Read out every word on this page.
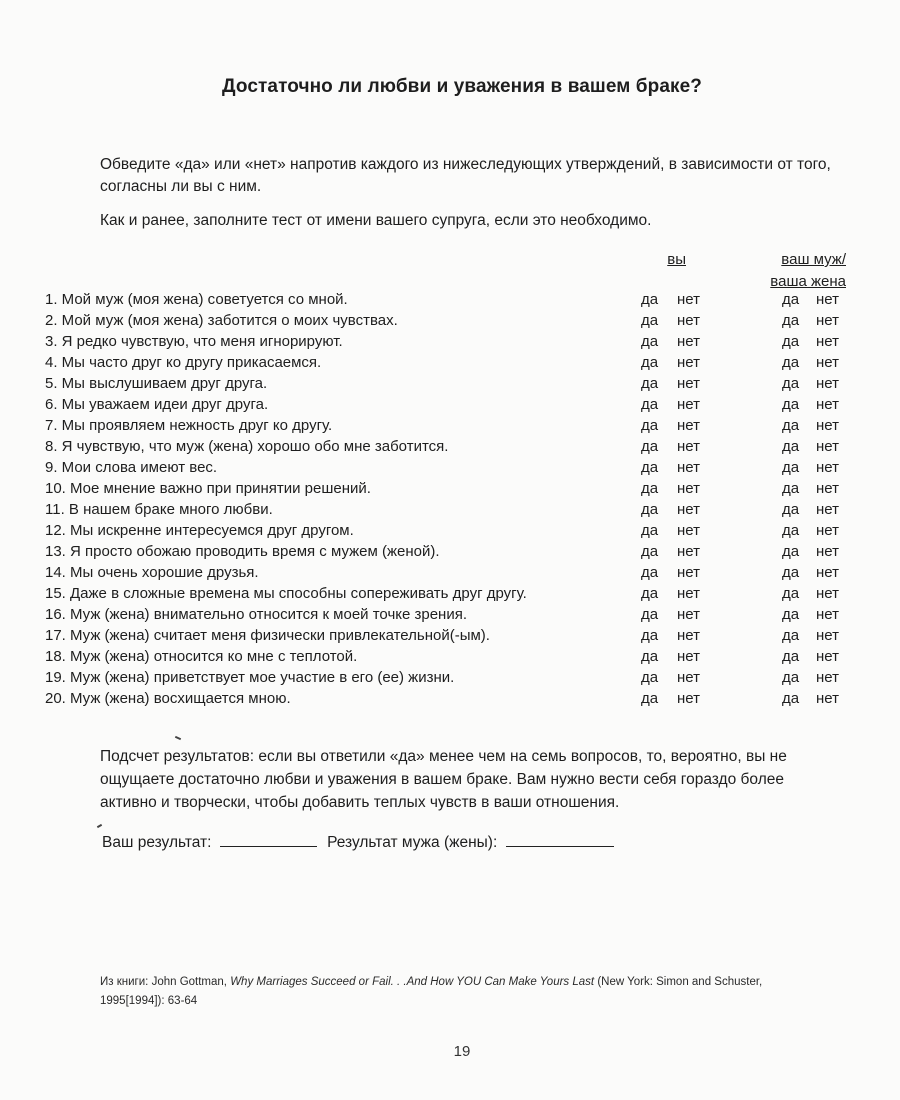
Достаточно ли любви и уважения в вашем браке?
Обведите «да» или «нет» напротив каждого из нижеследующих утверждений, в зависимости от того, согласны ли вы с ним.
Как и ранее, заполните тест от имени вашего супруга, если это необходимо.
вы	ваш муж/
ваша жена
1. Мой муж (моя жена) советуется со мной.	да нет	да нет
2. Мой муж (моя жена) заботится о моих чувствах.	да нет	да нет
3. Я редко чувствую, что меня игнорируют.	да нет	да нет
4. Мы часто друг ко другу прикасаемся.	да нет	да нет
5. Мы выслушиваем друг друга.	да нет	да нет
6. Мы уважаем идеи друг друга.	да нет	да нет
7. Мы проявляем нежность друг ко другу.	да нет	да нет
8. Я чувствую, что муж (жена) хорошо обо мне заботится.	да нет	да нет
9. Мои слова имеют вес.	да нет	да нет
10. Мое мнение важно при принятии решений.	да нет	да нет
11. В нашем браке много любви.	да нет	да нет
12. Мы искренне интересуемся друг другом.	да нет	да нет
13. Я просто обожаю проводить время с мужем (женой).	да нет	да нет
14. Мы очень хорошие друзья.	да нет	да нет
15. Даже в сложные времена мы способны сопереживать друг другу.	да нет	да нет
16. Муж (жена) внимательно относится к моей точке зрения.	да нет	да нет
17. Муж (жена) считает меня физически привлекательной(-ым).	да нет	да нет
18. Муж (жена) относится ко мне с теплотой.	да нет	да нет
19. Муж (жена) приветствует мое участие в его (ее) жизни.	да нет	да нет
20. Муж (жена) восхищается мною.	да нет	да нет
Подсчет результатов: если вы ответили «да» менее чем на семь вопросов, то, вероятно, вы не ощущаете достаточно любви и уважения в вашем браке. Вам нужно вести себя гораздо более активно и творчески, чтобы добавить теплых чувств в ваши отношения.
Ваш результат:	Результат мужа (жены):
Из книги: John Gottman, Why Marriages Succeed or Fail. . .And How YOU Can Make Yours Last (New York: Simon and Schuster, 1995[1994]): 63-64
19
